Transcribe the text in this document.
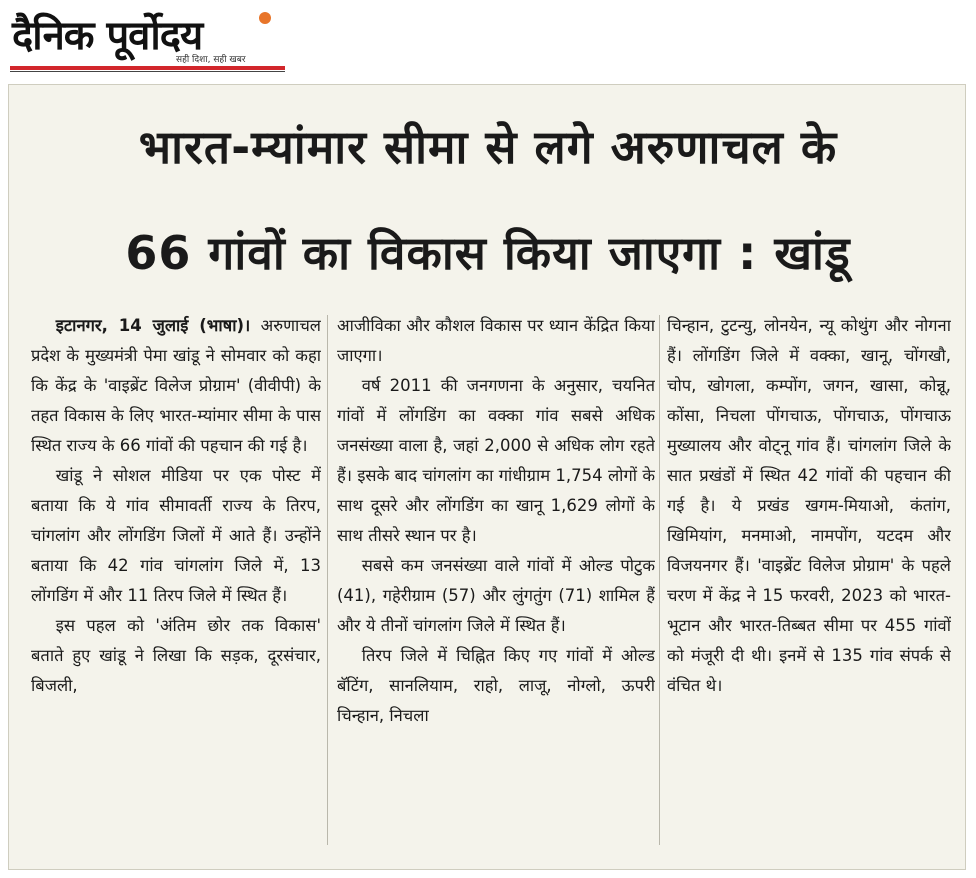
दैनिक पूर्वोदय
सही दिशा, सही खबर
भारत-म्यांमार सीमा से लगे अरुणाचल के
66 गांवों का विकास किया जाएगा : खांडू

इटानगर, 14 जुलाई (भाषा)। अरुणाचल प्रदेश के मुख्यमंत्री पेमा खांडू ने सोमवार को कहा कि केंद्र के 'वाइब्रेंट विलेज प्रोग्राम' (वीवीपी) के तहत विकास के लिए भारत-म्यांमार सीमा के पास स्थित राज्य के 66 गांवों की पहचान की गई है।

खांडू ने सोशल मीडिया पर एक पोस्ट में बताया कि ये गांव सीमावर्ती राज्य के तिरप, चांगलांग और लोंगडिंग जिलों में आते हैं। उन्होंने बताया कि 42 गांव चांगलांग जिले में, 13 लोंगडिंग में और 11 तिरप जिले में स्थित हैं।

इस पहल को 'अंतिम छोर तक विकास' बताते हुए खांडू ने लिखा कि सड़क, दूरसंचार, बिजली,

आजीविका और कौशल विकास पर ध्यान केंद्रित किया जाएगा।

वर्ष 2011 की जनगणना के अनुसार, चयनित गांवों में लोंगडिंग का वक्का गांव सबसे अधिक जनसंख्या वाला है, जहां 2,000 से अधिक लोग रहते हैं। इसके बाद चांगलांग का गांधीग्राम 1,754 लोगों के साथ दूसरे और लोंगडिंग का खानू 1,629 लोगों के साथ तीसरे स्थान पर है।

सबसे कम जनसंख्या वाले गांवों में ओल्ड पोटुक (41), गहेरीग्राम (57) और लुंगतुंग (71) शामिल हैं और ये तीनों चांगलांग जिले में स्थित हैं।

तिरप जिले में चिह्नित किए गए गांवों में ओल्ड बॅटिंग, सानलियाम, राहो, लाजू, नोग्लो, ऊपरी चिन्हान, निचला

चिन्हान, टुटन्यु, लोनयेन, न्यू कोथुंग और नोगना हैं। लोंगडिंग जिले में वक्का, खानू, चोंगखौ, चोप, खोगला, कम्पोंग, जगन, खासा, कोन्नू, कोंसा, निचला पोंगचाऊ, पोंगचाऊ, पोंगचाऊ मुख्यालय और वोट्नू गांव हैं। चांगलांग जिले के सात प्रखंडों में स्थित 42 गांवों की पहचान की गई है। ये प्रखंड खगम-मियाओ, कंतांग, खिमियांग, मनमाओ, नामपोंग, यटदम और विजयनगर हैं। 'वाइब्रेंट विलेज प्रोग्राम' के पहले चरण में केंद्र ने 15 फरवरी, 2023 को भारत-भूटान और भारत-तिब्बत सीमा पर 455 गांवों को मंजूरी दी थी। इनमें से 135 गांव संपर्क से वंचित थे।
